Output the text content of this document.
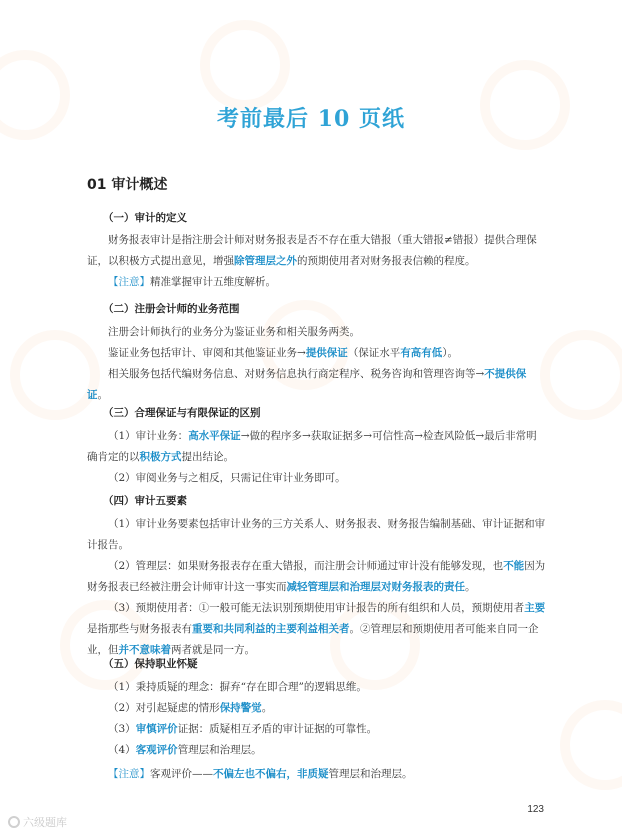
考前最后 10 页纸
01 审计概述
（一）审计的定义
财务报表审计是指注册会计师对财务报表是否不存在重大错报（重大错报≠错报）提供合理保证，以积极方式提出意见，增强除管理层之外的预期使用者对财务报表信赖的程度。
【注意】精准掌握审计五维度解析。
（二）注册会计师的业务范围
注册会计师执行的业务分为鉴证业务和相关服务两类。
鉴证业务包括审计、审阅和其他鉴证业务→提供保证（保证水平有高有低）。
相关服务包括代编财务信息、对财务信息执行商定程序、税务咨询和管理咨询等→不提供保证。
（三）合理保证与有限保证的区别
（1）审计业务：高水平保证→做的程序多→获取证据多→可信性高→检查风险低→最后非常明确肯定的以积极方式提出结论。
（2）审阅业务与之相反，只需记住审计业务即可。
（四）审计五要素
（1）审计业务要素包括审计业务的三方关系人、财务报表、财务报告编制基础、审计证据和审计报告。
（2）管理层：如果财务报表存在重大错报，而注册会计师通过审计没有能够发现，也不能因为财务报表已经被注册会计师审计这一事实而减轻管理层和治理层对财务报表的责任。
（3）预期使用者：①一般可能无法识别预期使用审计报告的所有组织和人员，预期使用者主要是指那些与财务报表有重要和共同利益的主要利益相关者。②管理层和预期使用者可能来自同一企业，但并不意味着两者就是同一方。
（五）保持职业怀疑
（1）秉持质疑的理念：摒弃“存在即合理”的逻辑思维。
（2）对引起疑虑的情形保持警觉。
（3）审慎评价证据：质疑相互矛盾的审计证据的可靠性。
（4）客观评价管理层和治理层。
【注意】客观评价——不偏左也不偏右，非质疑管理层和治理层。
123
六级题库
